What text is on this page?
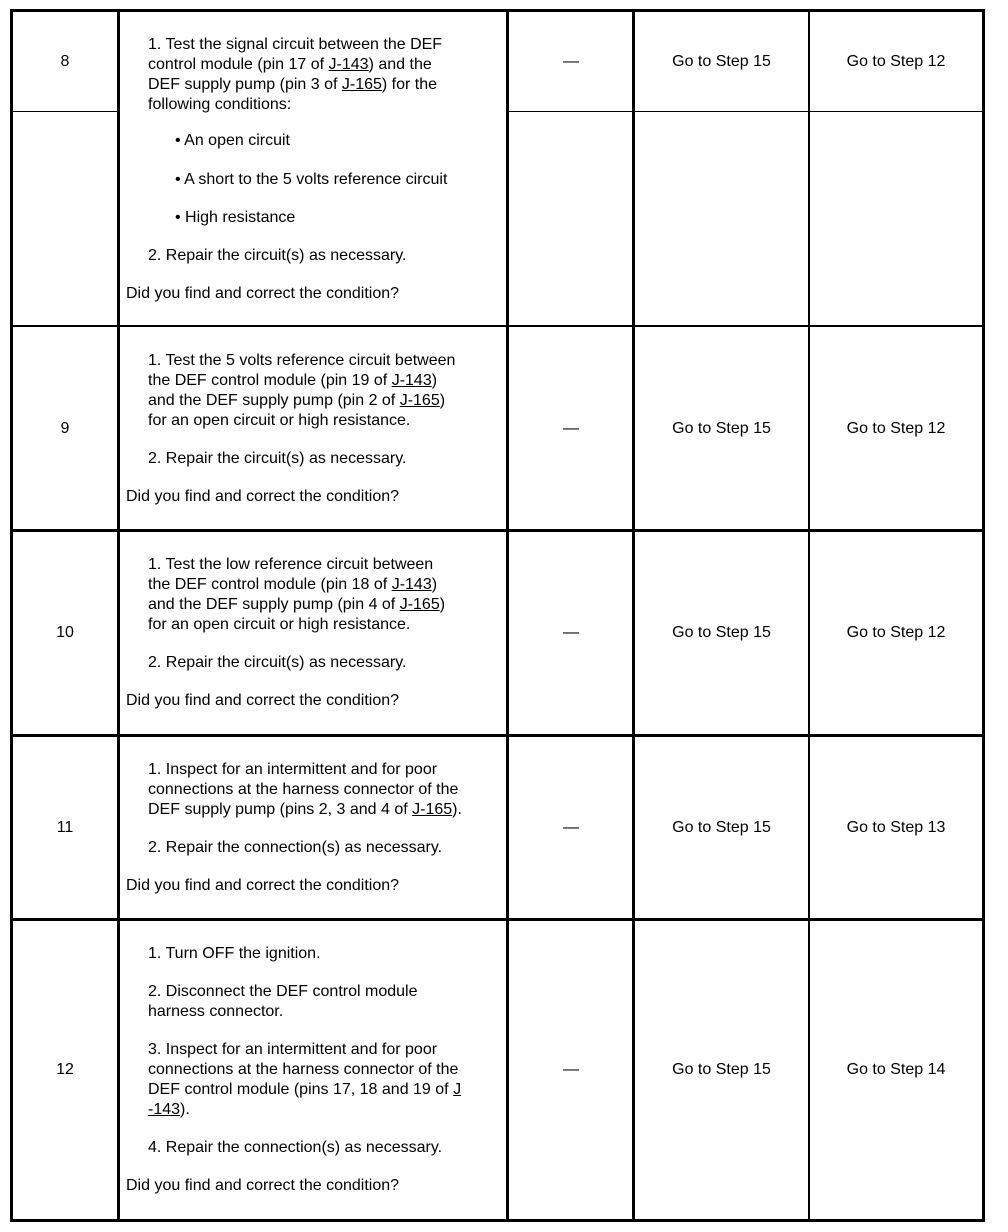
8
1. Test the signal circuit between the DEF
control module (pin 17 of J-143) and the
DEF supply pump (pin 3 of J-165) for the
following conditions:
• An open circuit
• A short to the 5 volts reference circuit
• High resistance
2. Repair the circuit(s) as necessary.
Did you find and correct the condition?
—	Go to Step 15	Go to Step 12
9
1. Test the 5 volts reference circuit between
the DEF control module (pin 19 of J-143)
and the DEF supply pump (pin 2 of J-165)
for an open circuit or high resistance.
2. Repair the circuit(s) as necessary.
Did you find and correct the condition?
—	Go to Step 15	Go to Step 12
10
1. Test the low reference circuit between
the DEF control module (pin 18 of J-143)
and the DEF supply pump (pin 4 of J-165)
for an open circuit or high resistance.
2. Repair the circuit(s) as necessary.
Did you find and correct the condition?
—	Go to Step 15	Go to Step 12
11
1. Inspect for an intermittent and for poor
connections at the harness connector of the
DEF supply pump (pins 2, 3 and 4 of J-165).
2. Repair the connection(s) as necessary.
Did you find and correct the condition?
—	Go to Step 15	Go to Step 13
12
1. Turn OFF the ignition.
2. Disconnect the DEF control module
harness connector.
3. Inspect for an intermittent and for poor
connections at the harness connector of the
DEF control module (pins 17, 18 and 19 of J
-143).
4. Repair the connection(s) as necessary.
Did you find and correct the condition?
—	Go to Step 15	Go to Step 14
